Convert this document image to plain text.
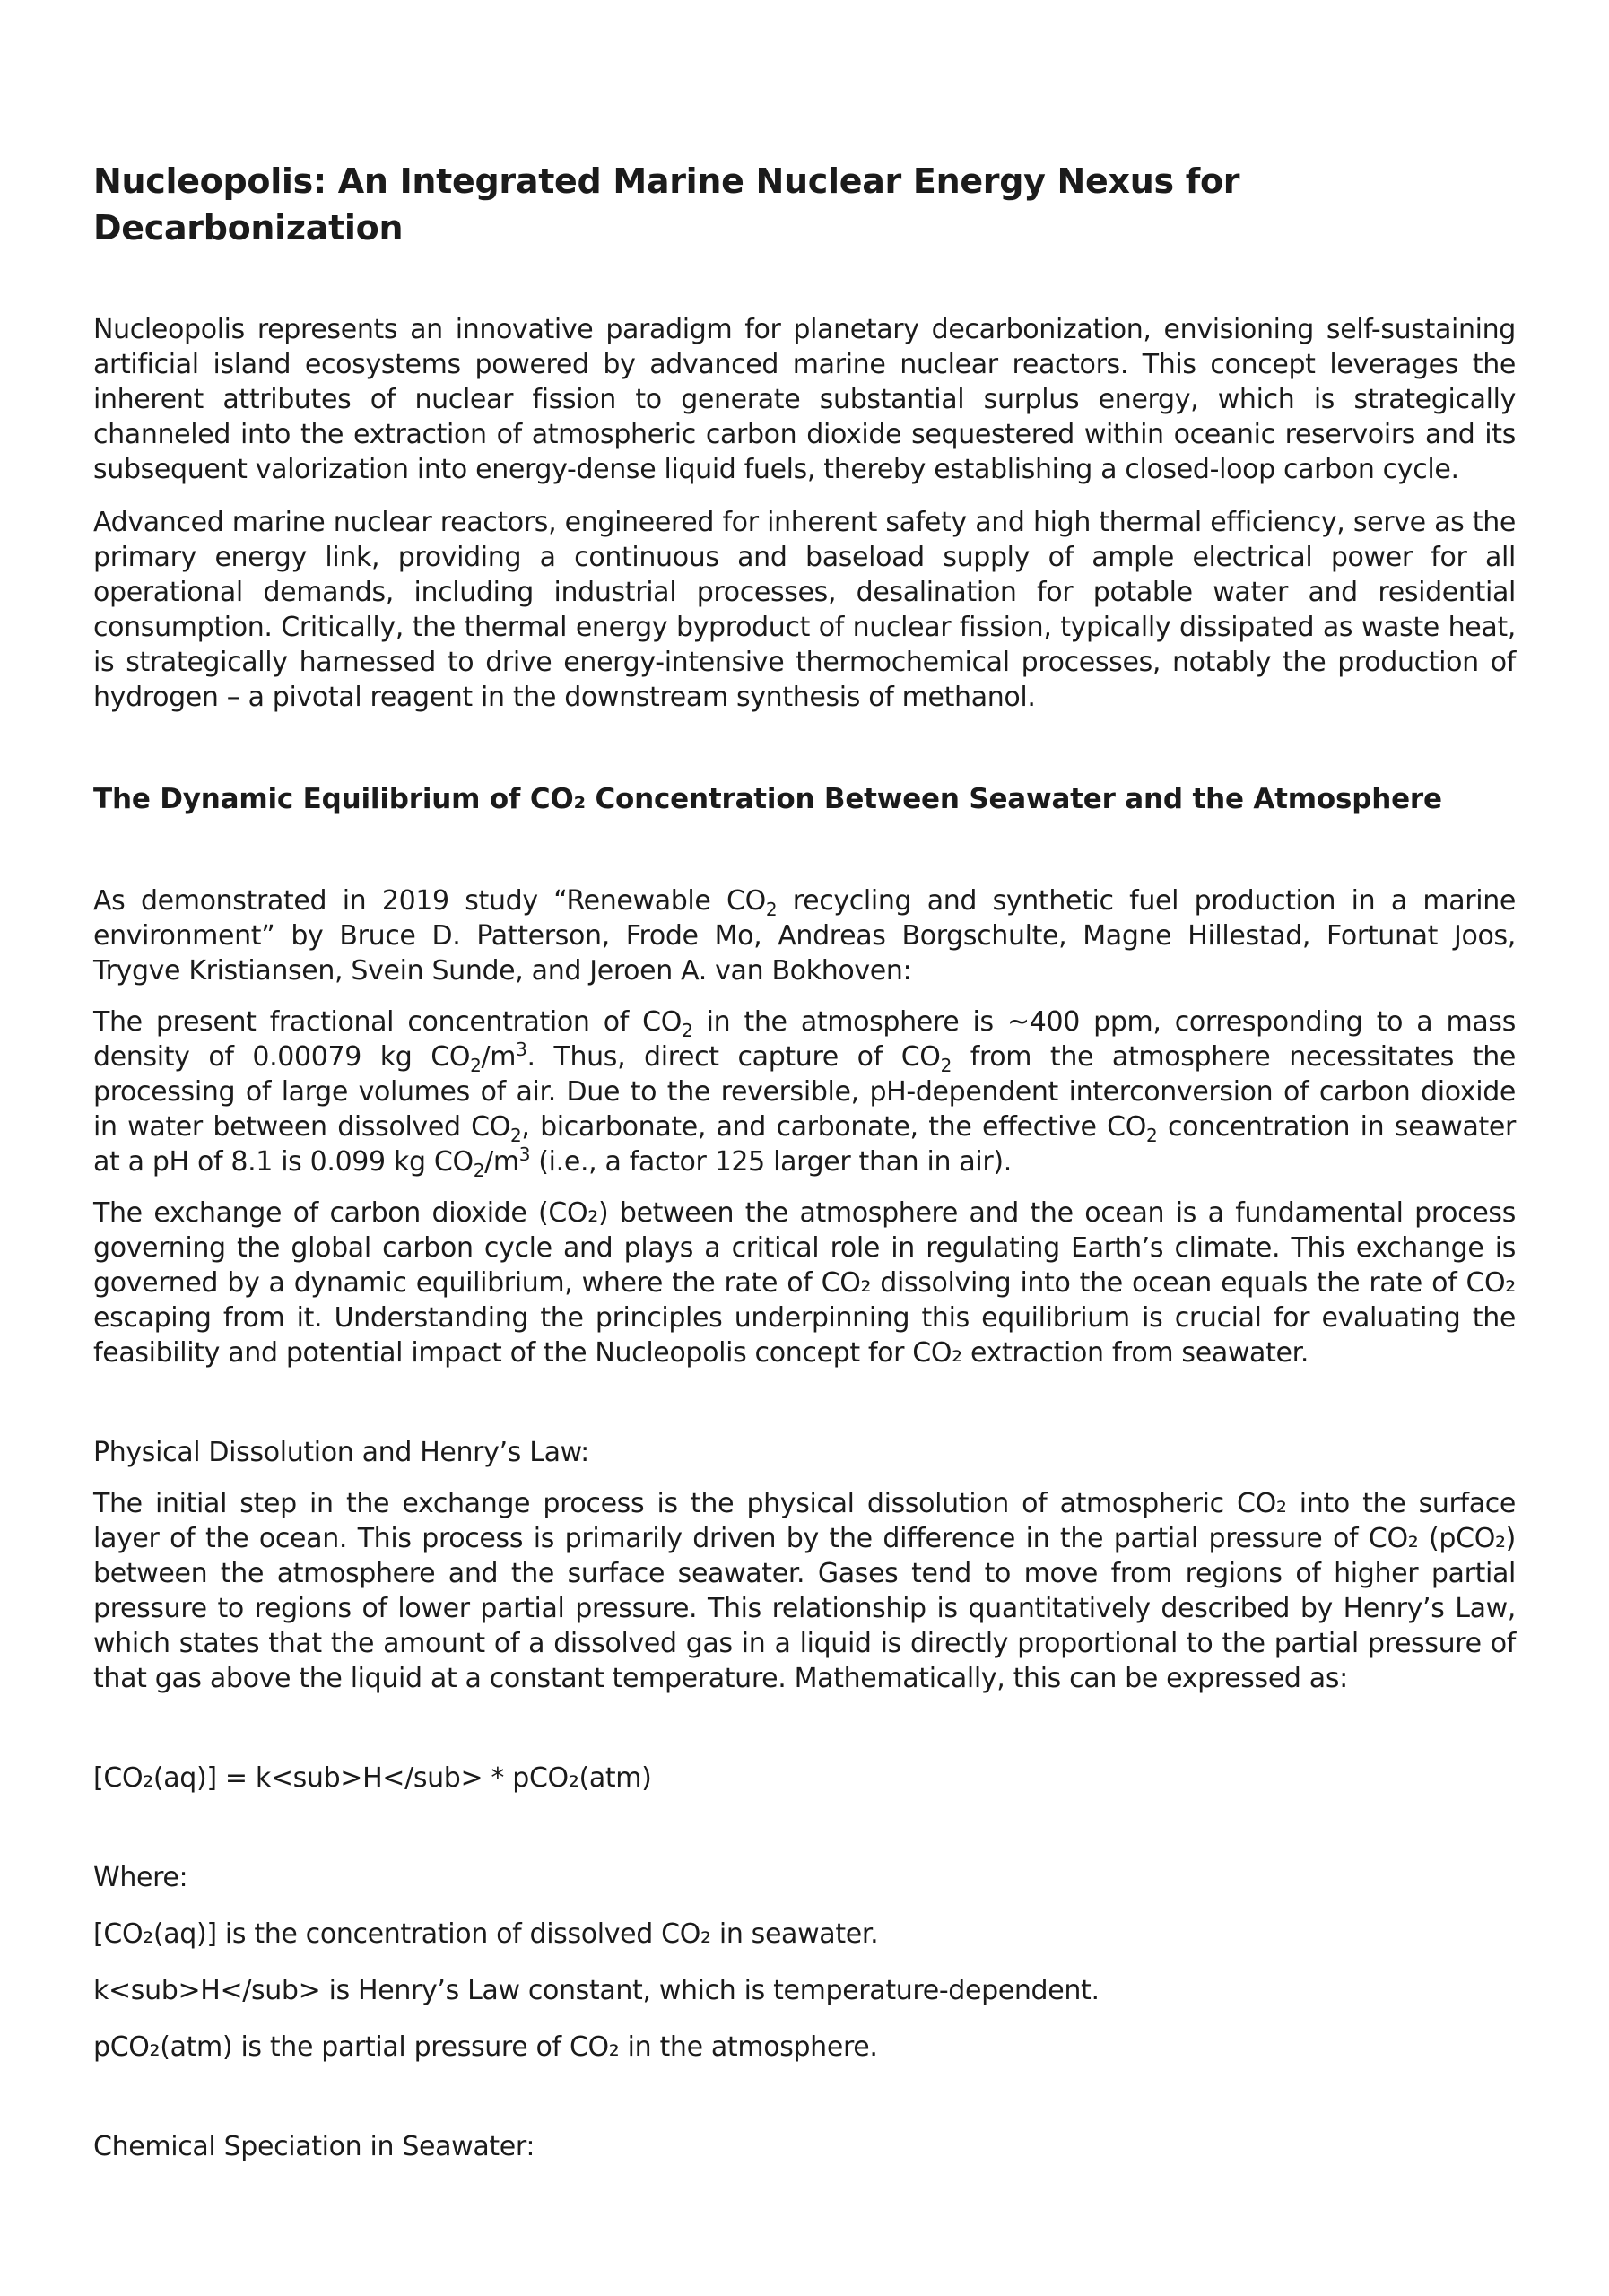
Nucleopolis: An Integrated Marine Nuclear Energy Nexus for Decarbonization

Nucleopolis represents an innovative paradigm for planetary decarbonization, envisioning self-sustaining artificial island ecosystems powered by advanced marine nuclear reactors. This concept leverages the inherent attributes of nuclear fission to generate substantial surplus energy, which is strategically channeled into the extraction of atmospheric carbon dioxide sequestered within oceanic reservoirs and its subsequent valorization into energy-dense liquid fuels, thereby establishing a closed-loop carbon cycle.

Advanced marine nuclear reactors, engineered for inherent safety and high thermal efficiency, serve as the primary energy link, providing a continuous and baseload supply of ample electrical power for all operational demands, including industrial processes, desalination for potable water and residential consumption. Critically, the thermal energy byproduct of nuclear fission, typically dissipated as waste heat, is strategically harnessed to drive energy-intensive thermochemical processes, notably the production of hydrogen – a pivotal reagent in the downstream synthesis of methanol.

The Dynamic Equilibrium of CO₂ Concentration Between Seawater and the Atmosphere

As demonstrated in 2019 study “Renewable $CO_2$ recycling and synthetic fuel production in a marine environment” by Bruce D. Patterson, Frode Mo, Andreas Borgschulte, Magne Hillestad, Fortunat Joos, Trygve Kristiansen, Svein Sunde, and Jeroen A. van Bokhoven:

The present fractional concentration of $CO_2$ in the atmosphere is ~400 ppm, corresponding to a mass density of 0.00079 kg $CO_2/m^3$. Thus, direct capture of $CO_2$ from the atmosphere necessitates the processing of large volumes of air. Due to the reversible, pH-dependent interconversion of carbon dioxide in water between dissolved $CO_2$, bicarbonate, and carbonate, the effective $CO_2$ concentration in seawater at a pH of 8.1 is 0.099 kg $CO_2/m^3$ (i.e., a factor 125 larger than in air).

The exchange of carbon dioxide (CO₂) between the atmosphere and the ocean is a fundamental process governing the global carbon cycle and plays a critical role in regulating Earth’s climate. This exchange is governed by a dynamic equilibrium, where the rate of CO₂ dissolving into the ocean equals the rate of CO₂ escaping from it. Understanding the principles underpinning this equilibrium is crucial for evaluating the feasibility and potential impact of the Nucleopolis concept for CO₂ extraction from seawater.

Physical Dissolution and Henry’s Law:

The initial step in the exchange process is the physical dissolution of atmospheric CO₂ into the surface layer of the ocean. This process is primarily driven by the difference in the partial pressure of CO₂ (pCO₂) between the atmosphere and the surface seawater. Gases tend to move from regions of higher partial pressure to regions of lower partial pressure. This relationship is quantitatively described by Henry’s Law, which states that the amount of a dissolved gas in a liquid is directly proportional to the partial pressure of that gas above the liquid at a constant temperature. Mathematically, this can be expressed as:

[CO₂(aq)] = k<sub>H</sub> * pCO₂(atm)

Where:

[CO₂(aq)] is the concentration of dissolved CO₂ in seawater.

k<sub>H</sub> is Henry’s Law constant, which is temperature-dependent.

pCO₂(atm) is the partial pressure of CO₂ in the atmosphere.

Chemical Speciation in Seawater:
